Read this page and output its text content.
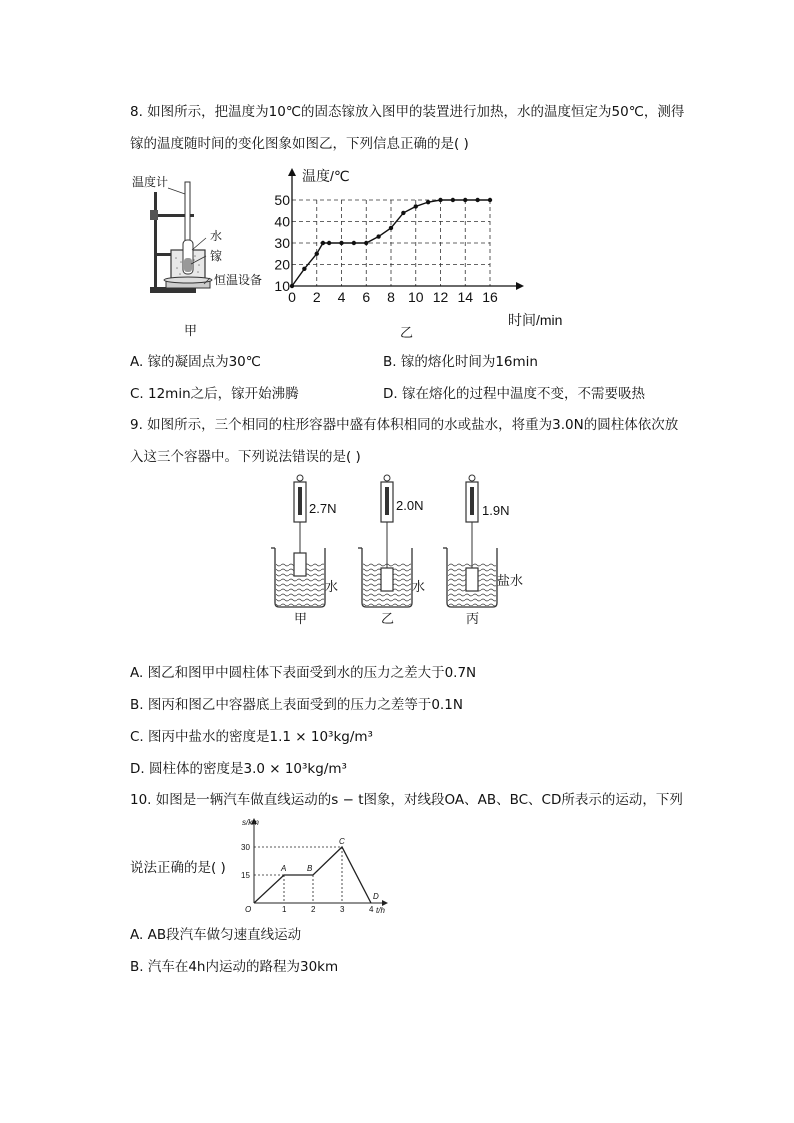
8. 如图所示，把温度为10℃的固态镓放入图甲的装置进行加热，水的温度恒定为50℃，测得
镓的温度随时间的变化图象如图乙，下列信息正确的是( )
温度计
水
镓
恒温设备
甲
0 2 4 6 8 10 12 14 16
10
20
30
40
50
温度/℃
时间/min
乙
A. 镓的凝固点为30℃	B. 镓的熔化时间为16min
C. 12min之后，镓开始沸腾	D. 镓在熔化的过程中温度不变，不需要吸热
9. 如图所示，三个相同的柱形容器中盛有体积相同的水或盐水，将重为3.0N的圆柱体依次放
入这三个容器中。下列说法错误的是( )
2.7N
水
甲
2.0N
水
乙
1.9N
盐水
丙
A. 图乙和图甲中圆柱体下表面受到水的压力之差大于0.7N
B. 图丙和图乙中容器底上表面受到的压力之差等于0.1N
C. 图丙中盐水的密度是1.1 × 10³kg/m³
D. 圆柱体的密度是3.0 × 10³kg/m³
10. 如图是一辆汽车做直线运动的s − t图象，对线段OA、AB、BC、CD所表示的运动，下列
说法正确的是( )
s/km
t/h
30
15
1	2	3	4
O
A	B
C
D
A. AB段汽车做匀速直线运动
B. 汽车在4h内运动的路程为30km
